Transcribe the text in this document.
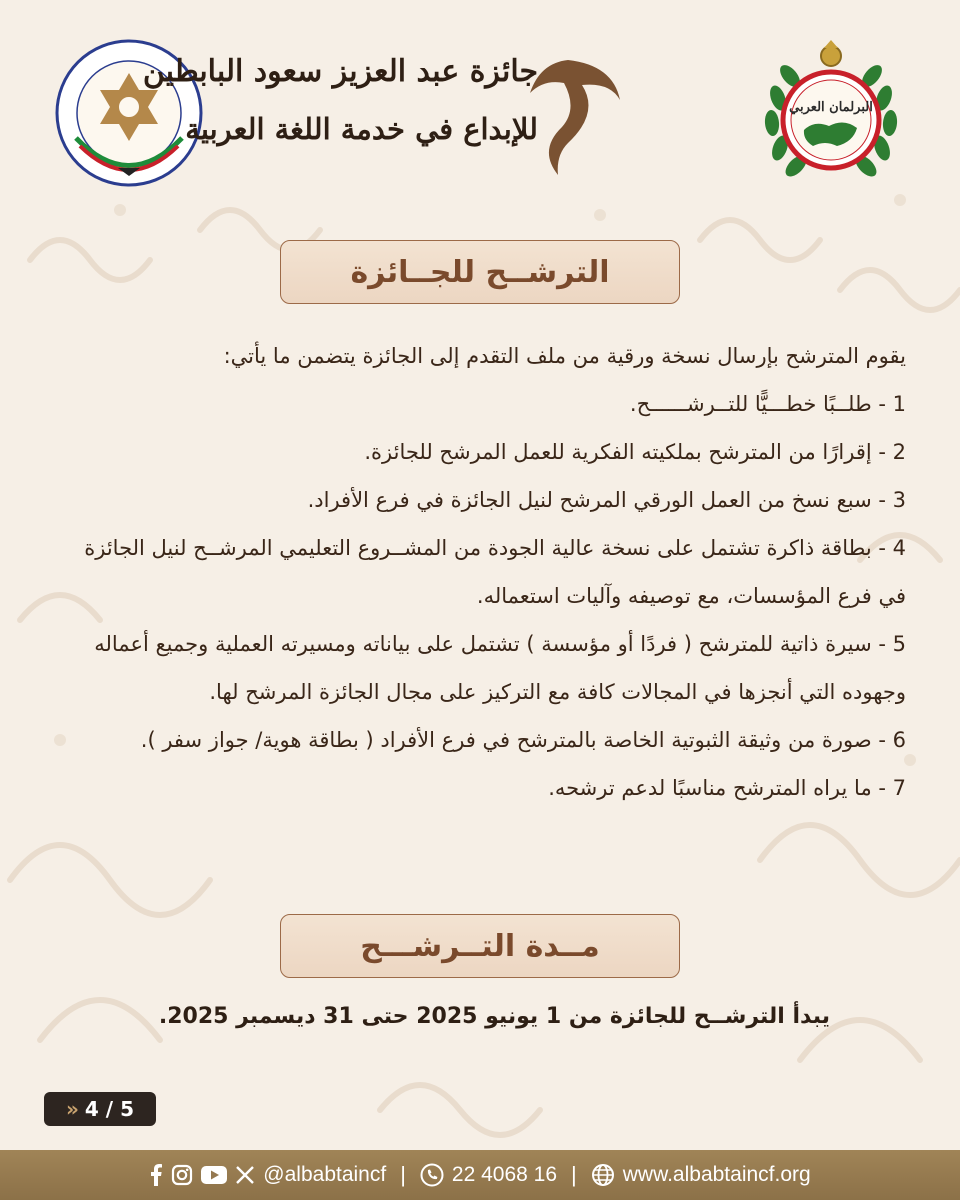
جائزة عبد العزيز سعود البابطين
للإبداع في خدمة اللغة العربية
البرلمان العربي
الترشــح للجــائزة

يقوم المترشح بإرسال نسخة ورقية من ملف التقدم إلى الجائزة يتضمن ما يأتي:

1 - طلــبًا خطـــيًّا للتــرشــــــح.

2 - إقرارًا من المترشح بملكيته الفكرية للعمل المرشح للجائزة.

3 - سبع نسخ من العمل الورقي المرشح لنيل الجائزة في فرع الأفراد.

4 - بطاقة ذاكرة تشتمل على نسخة عالية الجودة من المشــروع التعليمي المرشــح لنيل الجائزة في فرع المؤسسات، مع توصيفه وآليات استعماله.

5 - سيرة ذاتية للمترشح ( فردًا أو مؤسسة ) تشتمل على بياناته ومسيرته العملية وجميع أعماله وجهوده التي أنجزها في المجالات كافة مع التركيز على مجال الجائزة المرشح لها.

6 - صورة من وثيقة الثبوتية الخاصة بالمترشح في فرع الأفراد ( بطاقة هوية/ جواز سفر ).

7 - ما يراه المترشح مناسبًا لدعم ترشحه.

مــدة التــرشـــح
يبدأ الترشــح للجائزة من 1 يونيو 2025 حتى 31 ديسمبر 2025.
» 4 / 5
@albabtaincf | 22 4068 16 | www.albabtaincf.org
